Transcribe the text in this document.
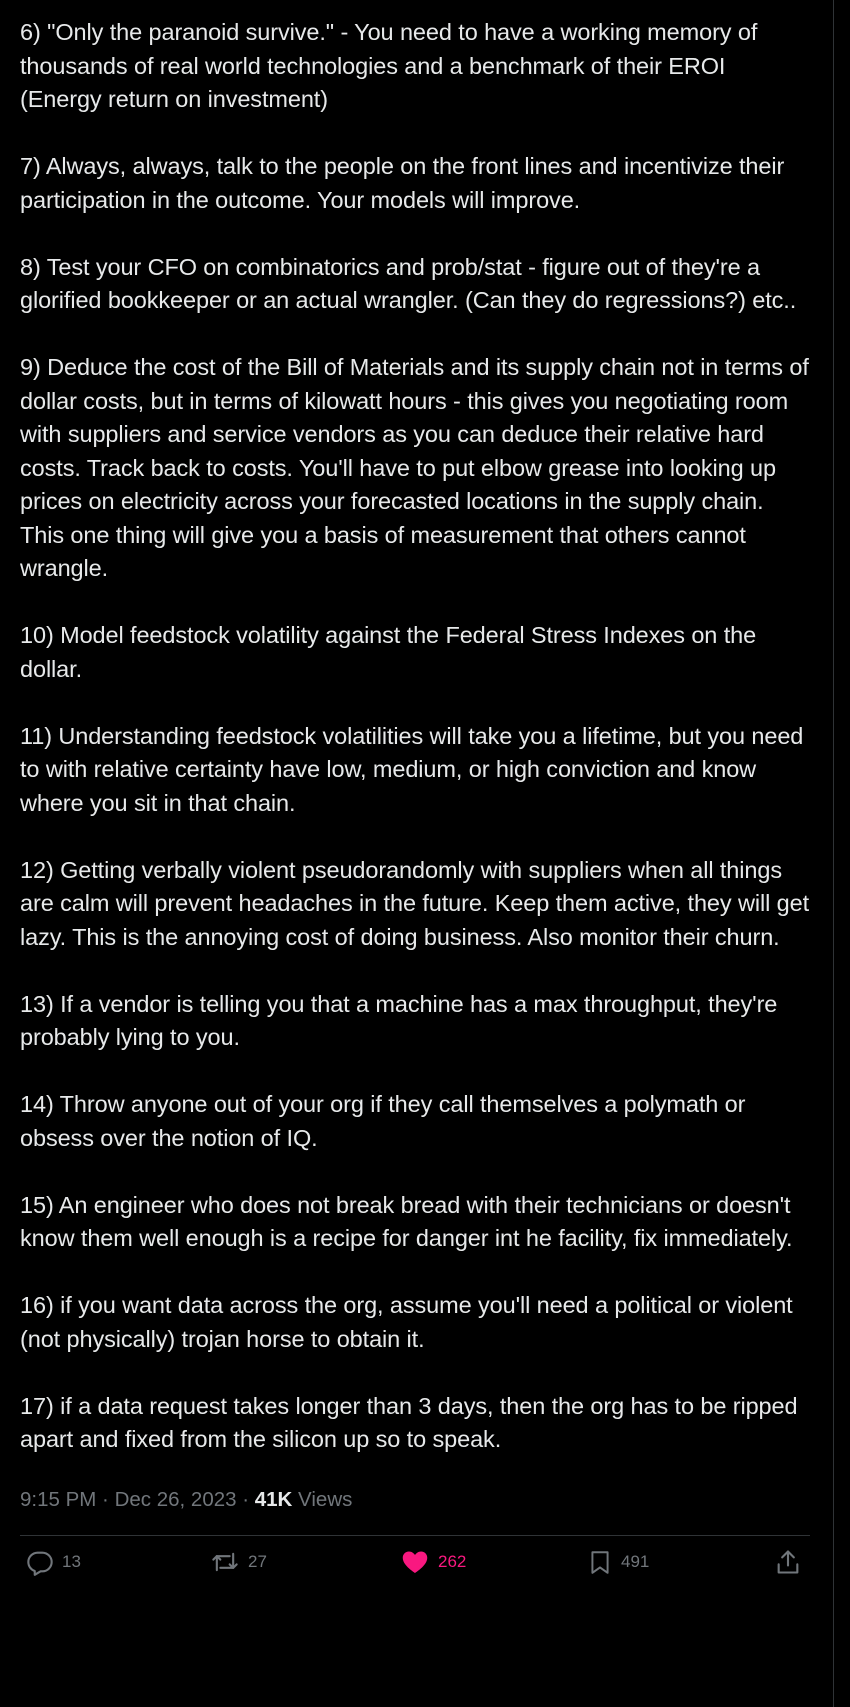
6) "Only the paranoid survive." - You need to have a working memory of thousands of real world technologies and a benchmark of their EROI (Energy return on investment)

7) Always, always, talk to the people on the front lines and incentivize their participation in the outcome. Your models will improve.

8) Test your CFO on combinatorics and prob/stat - figure out of they're a glorified bookkeeper or an actual wrangler. (Can they do regressions?) etc..

9) Deduce the cost of the Bill of Materials and its supply chain not in terms of dollar costs, but in terms of kilowatt hours - this gives you negotiating room with suppliers and service vendors as you can deduce their relative hard costs. Track back to costs. You'll have to put elbow grease into looking up prices on electricity across your forecasted locations in the supply chain. This one thing will give you a basis of measurement that others cannot wrangle.

10) Model feedstock volatility against the Federal Stress Indexes on the dollar.

11) Understanding feedstock volatilities will take you a lifetime, but you need to with relative certainty have low, medium, or high conviction and know where you sit in that chain.

12) Getting verbally violent pseudorandomly with suppliers when all things are calm will prevent headaches in the future. Keep them active, they will get lazy. This is the annoying cost of doing business. Also monitor their churn.

13) If a vendor is telling you that a machine has a max throughput, they're probably lying to you.

14) Throw anyone out of your org if they call themselves a polymath or obsess over the notion of IQ.

15) An engineer who does not break bread with their technicians or doesn't know them well enough is a recipe for danger int he facility, fix immediately.

16) if you want data across the org, assume you'll need a political or violent (not physically) trojan horse to obtain it.

17) if a data request takes longer than 3 days, then the org has to be ripped apart and fixed from the silicon up so to speak.

9:15 PM · Dec 26, 2023 · 41K Views
13	27	262	491
